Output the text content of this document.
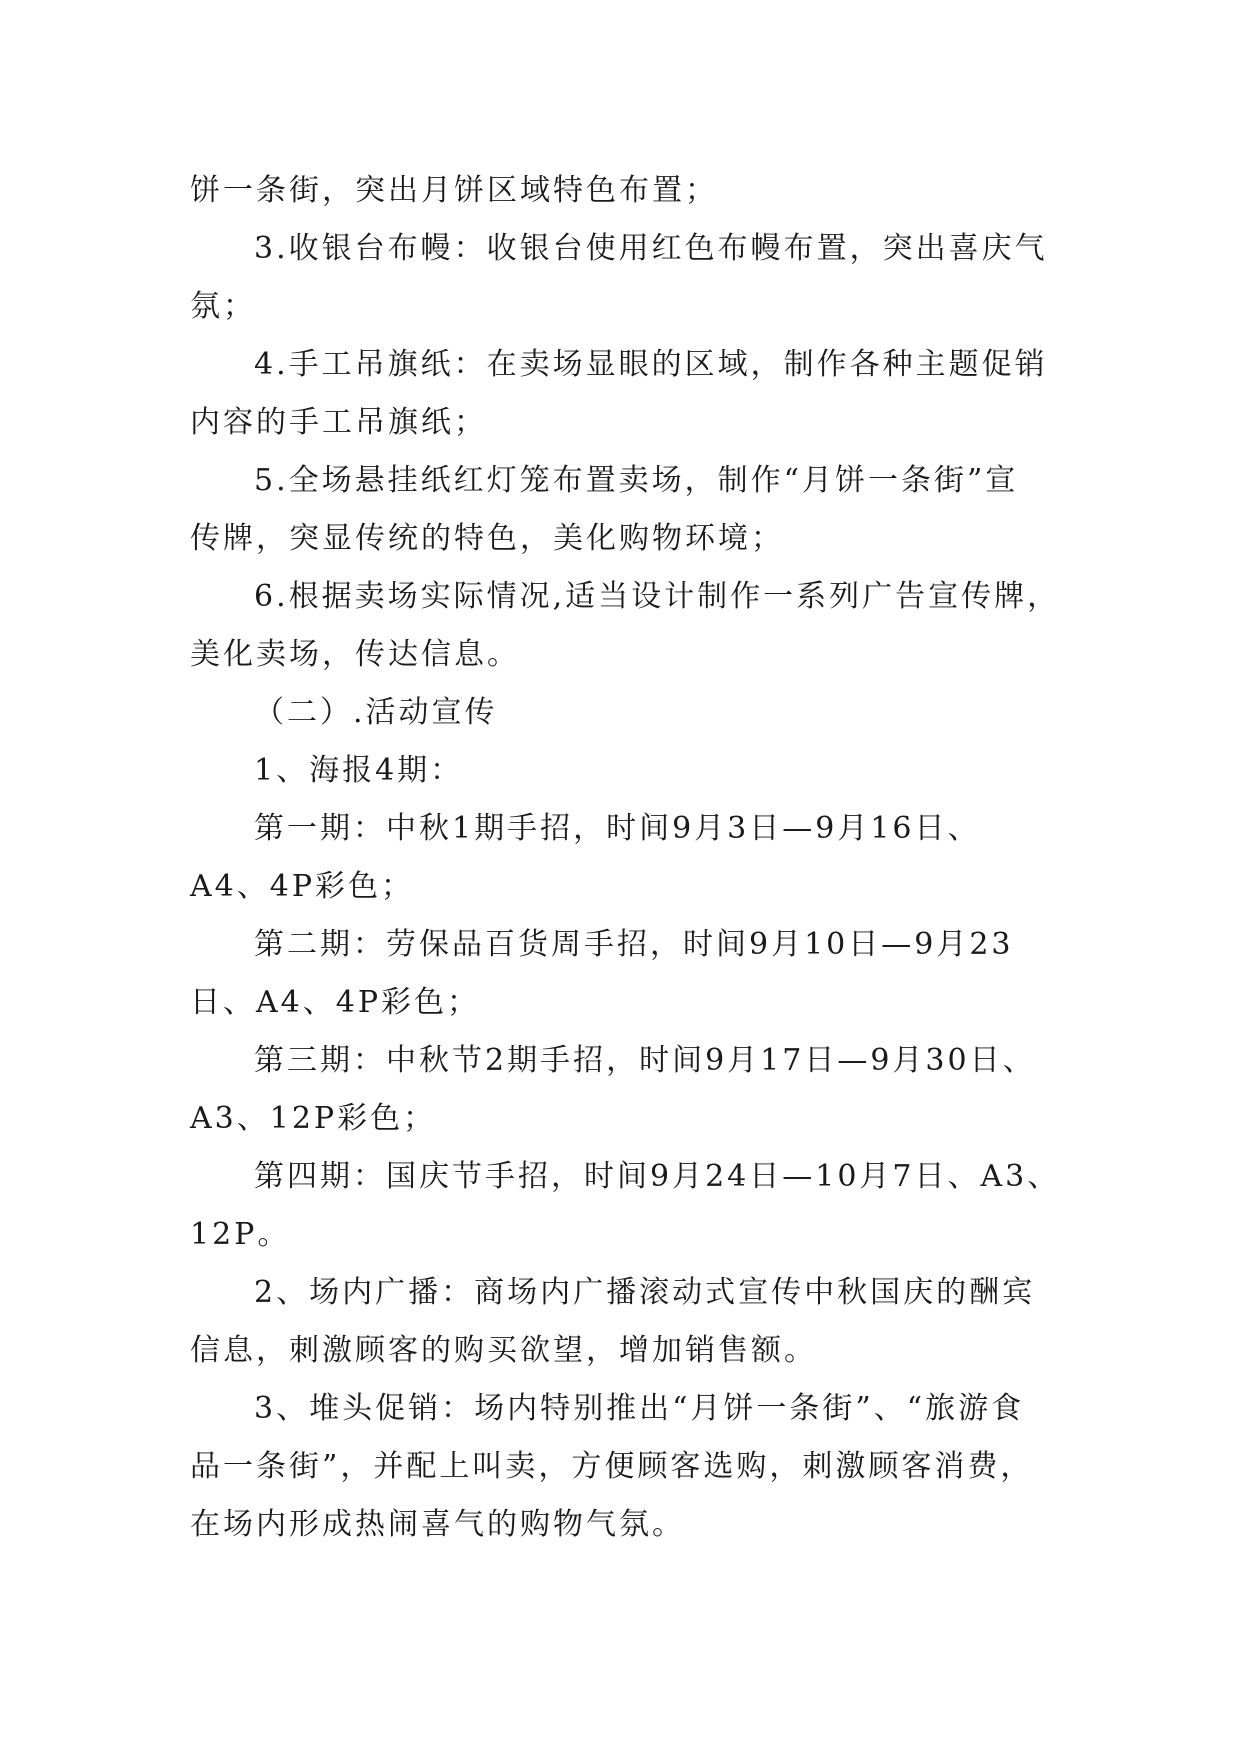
饼一条街，突出月饼区域特色布置；

3.收银台布幔：收银台使用红色布幔布置，突出喜庆气

氛；

4.手工吊旗纸：在卖场显眼的区域，制作各种主题促销

内容的手工吊旗纸；

5.全场悬挂纸红灯笼布置卖场，制作“月饼一条街”宣

传牌，突显传统的特色，美化购物环境；

6.根据卖场实际情况,适当设计制作一系列广告宣传牌，

美化卖场，传达信息。

（二）.活动宣传

1、海报4期：

第一期：中秋1期手招，时间9月3日—9月16日、

A4、4P彩色；

第二期：劳保品百货周手招，时间9月10日—9月23

日、A4、4P彩色；

第三期：中秋节2期手招，时间9月17日—9月30日、

A3、12P彩色；

第四期：国庆节手招，时间9月24日—10月7日、A3、

12P。

2、场内广播：商场内广播滚动式宣传中秋国庆的酬宾

信息，刺激顾客的购买欲望，增加销售额。

3、堆头促销：场内特别推出“月饼一条街”、“旅游食

品一条街”，并配上叫卖，方便顾客选购，刺激顾客消费，

在场内形成热闹喜气的购物气氛。
